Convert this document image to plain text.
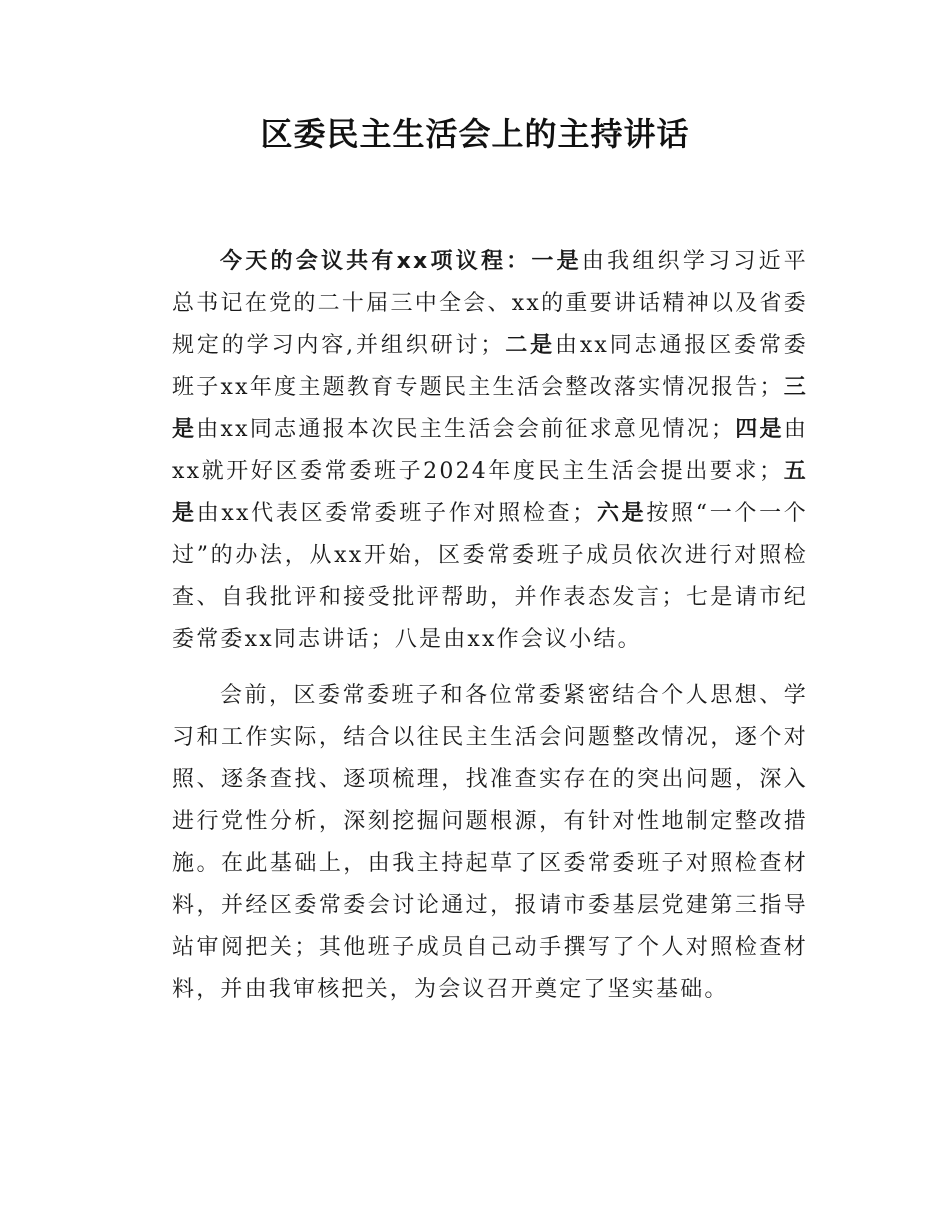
区委民主生活会上的主持讲话

今天的会议共有xx项议程：一是由我组织学习习近平总书记在党的二十届三中全会、xx的重要讲话精神以及省委规定的学习内容,并组织研讨；二是由xx同志通报区委常委班子xx年度主题教育专题民主生活会整改落实情况报告；三是由xx同志通报本次民主生活会会前征求意见情况；四是由xx就开好区委常委班子2024年度民主生活会提出要求；五是由xx代表区委常委班子作对照检查；六是按照“一个一个过”的办法，从xx开始，区委常委班子成员依次进行对照检查、自我批评和接受批评帮助，并作表态发言；七是请市纪委常委xx同志讲话；八是由xx作会议小结。

会前，区委常委班子和各位常委紧密结合个人思想、学习和工作实际，结合以往民主生活会问题整改情况，逐个对照、逐条查找、逐项梳理，找准查实存在的突出问题，深入进行党性分析，深刻挖掘问题根源，有针对性地制定整改措施。在此基础上，由我主持起草了区委常委班子对照检查材料，并经区委常委会讨论通过，报请市委基层党建第三指导站审阅把关；其他班子成员自己动手撰写了个人对照检查材料，并由我审核把关，为会议召开奠定了坚实基础。
